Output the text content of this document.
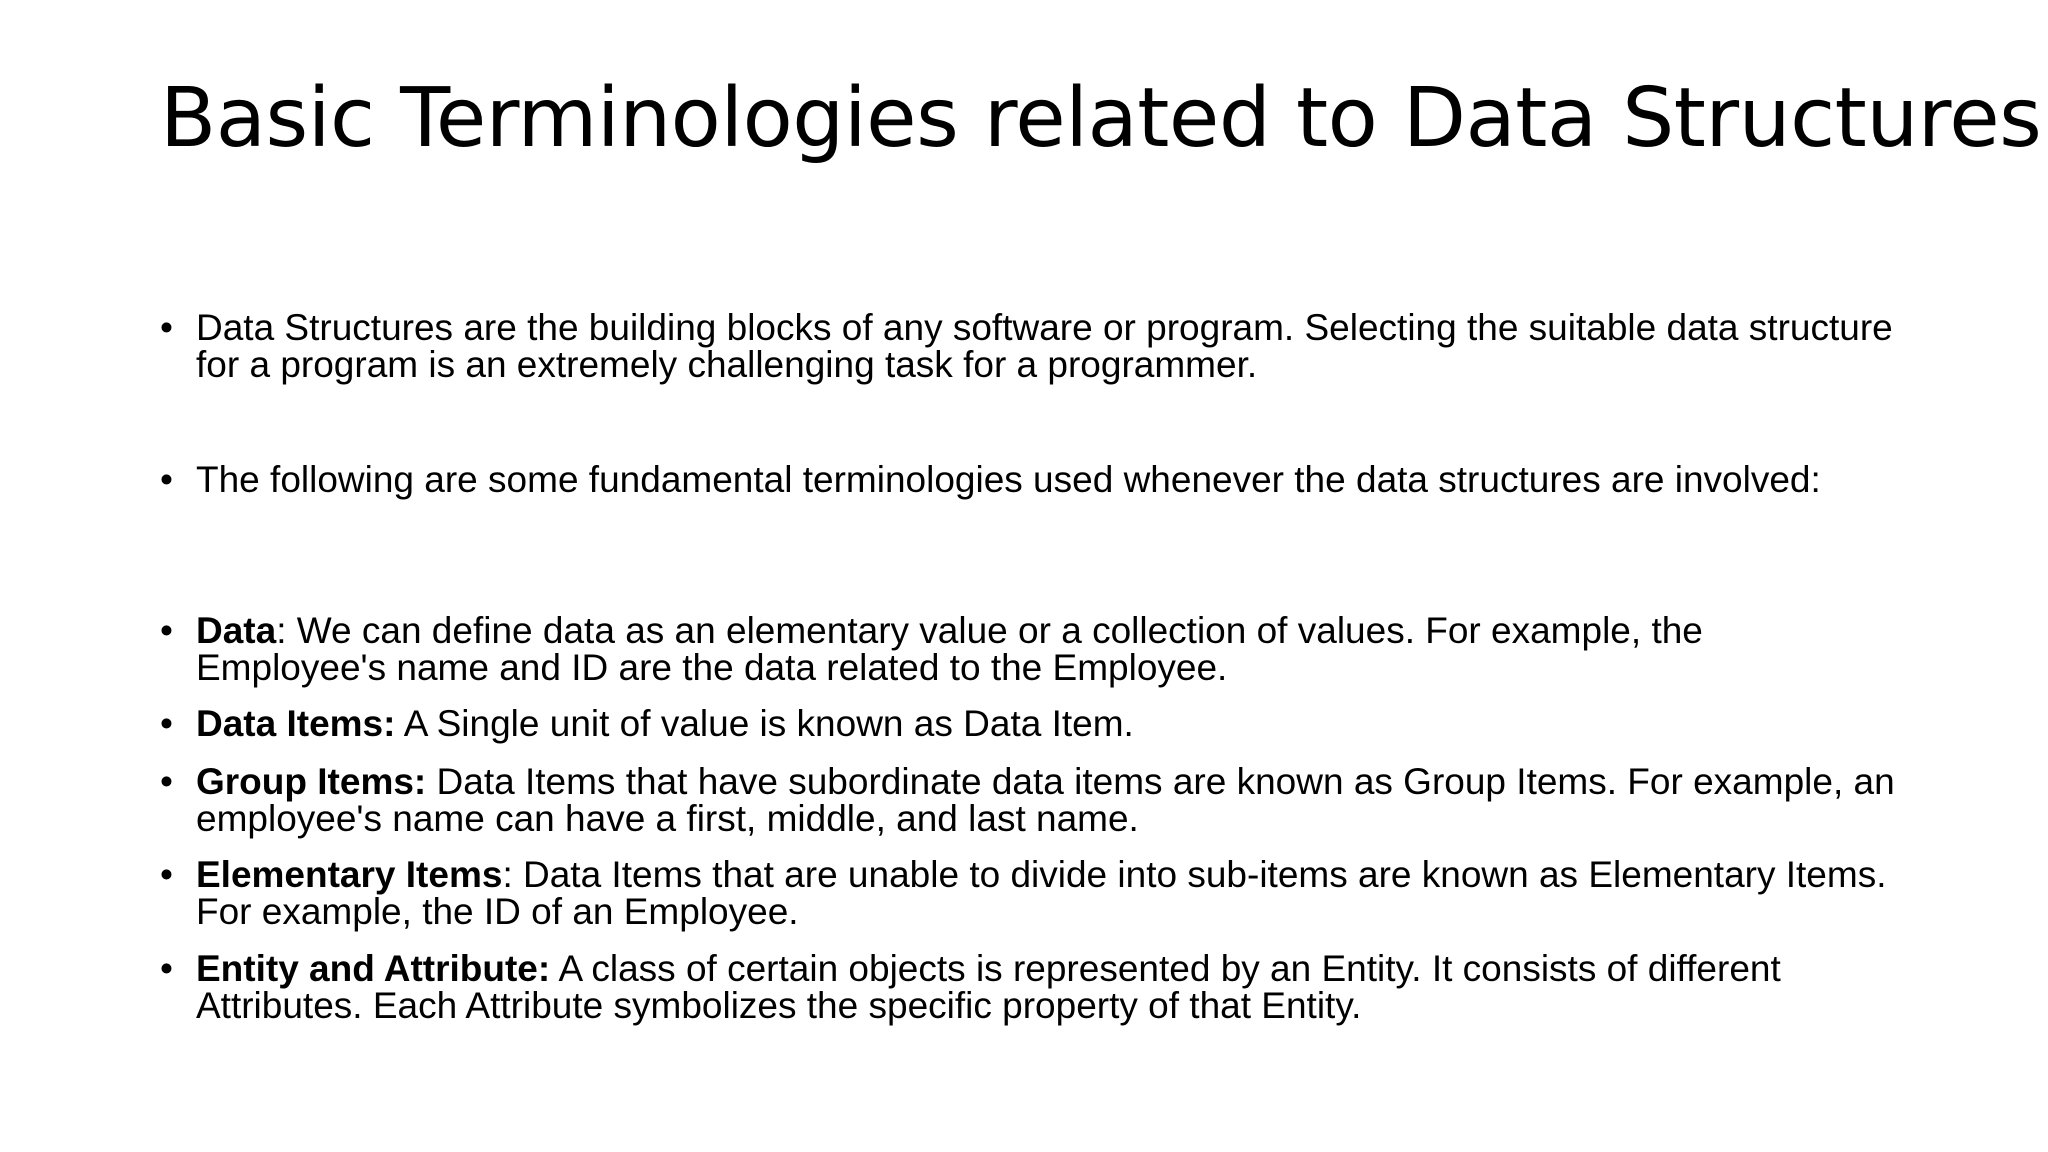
Basic Terminologies related to Data Structures
• Data Structures are the building blocks of any software or program. Selecting the suitable data structure for a program is an extremely challenging task for a programmer.
• The following are some fundamental terminologies used whenever the data structures are involved:
• Data: We can define data as an elementary value or a collection of values. For example, the Employee's name and ID are the data related to the Employee.
• Data Items: A Single unit of value is known as Data Item.
• Group Items: Data Items that have subordinate data items are known as Group Items. For example, an employee's name can have a first, middle, and last name.
• Elementary Items: Data Items that are unable to divide into sub-items are known as Elementary Items. For example, the ID of an Employee.
• Entity and Attribute: A class of certain objects is represented by an Entity. It consists of different Attributes. Each Attribute symbolizes the specific property of that Entity.
